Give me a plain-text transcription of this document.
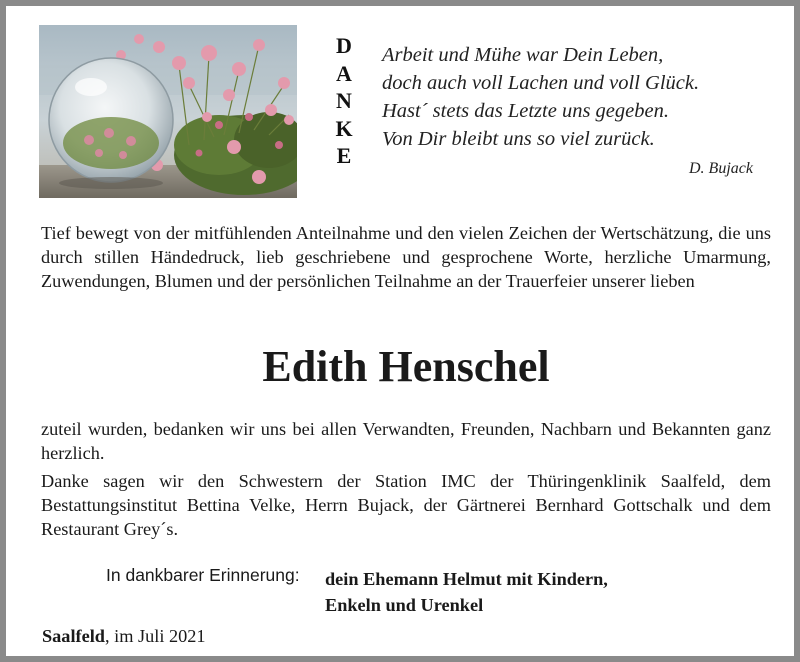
D
A
N
K
E
Arbeit und Mühe war Dein Leben,
doch auch voll Lachen und voll Glück.
Hast´ stets das Letzte uns gegeben.
Von Dir bleibt uns so viel zurück.
D. Bujack
Tief bewegt von der mitfühlenden Anteilnahme und den vielen Zeichen der Wertschätzung, die uns durch stillen Händedruck, lieb geschriebene und gesprochene Worte, herzliche Umarmung, Zuwendungen, Blumen und der persönlichen Teilnahme an der Trauerfeier unserer lieben
Edith Henschel
zuteil wurden, bedanken wir uns bei allen Verwandten, Freunden, Nachbarn und Bekannten ganz herzlich.
Danke sagen wir den Schwestern der Station IMC der Thüringenklinik Saalfeld, dem Bestattungsinstitut Bettina Velke, Herrn Bujack, der Gärtnerei Bernhard Gottschalk und dem Restaurant Grey´s.
In dankbarer Erinnerung: dein Ehemann Helmut mit Kindern,
Enkeln und Urenkel
Saalfeld, im Juli 2021
